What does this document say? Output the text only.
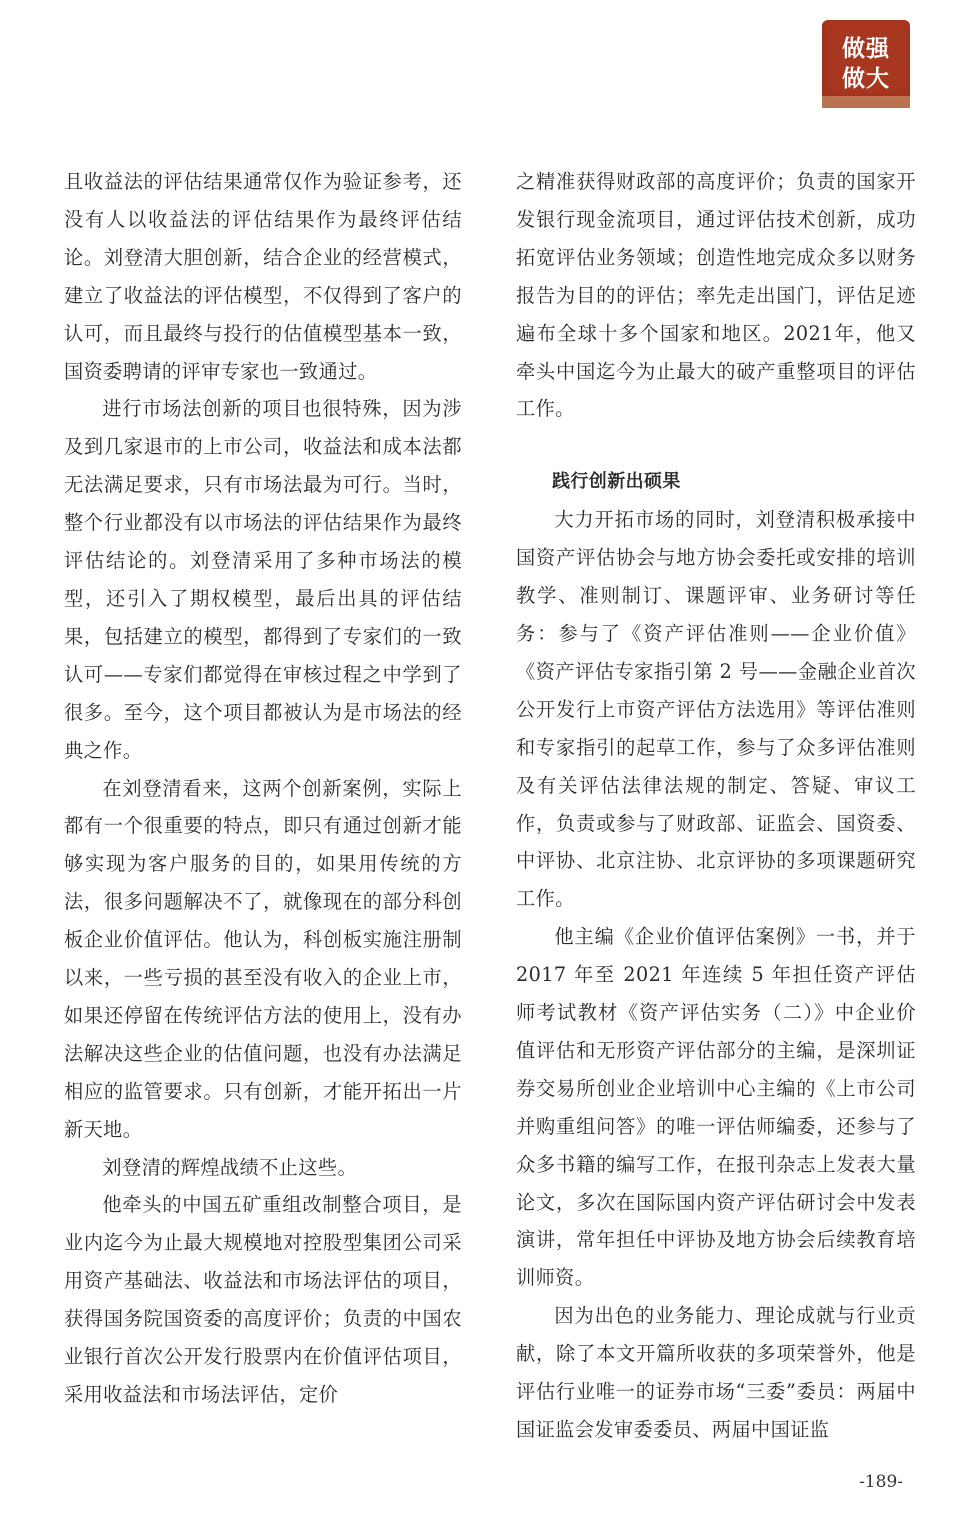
做强
做大

且收益法的评估结果通常仅作为验证参考，还没有人以收益法的评估结果作为最终评估结论。刘登清大胆创新，结合企业的经营模式，建立了收益法的评估模型，不仅得到了客户的认可，而且最终与投行的估值模型基本一致，国资委聘请的评审专家也一致通过。

进行市场法创新的项目也很特殊，因为涉及到几家退市的上市公司，收益法和成本法都无法满足要求，只有市场法最为可行。当时，整个行业都没有以市场法的评估结果作为最终评估结论的。刘登清采用了多种市场法的模型，还引入了期权模型，最后出具的评估结果，包括建立的模型，都得到了专家们的一致认可——专家们都觉得在审核过程之中学到了很多。至今，这个项目都被认为是市场法的经典之作。

在刘登清看来，这两个创新案例，实际上都有一个很重要的特点，即只有通过创新才能够实现为客户服务的目的，如果用传统的方法，很多问题解决不了，就像现在的部分科创板企业价值评估。他认为，科创板实施注册制以来，一些亏损的甚至没有收入的企业上市，如果还停留在传统评估方法的使用上，没有办法解决这些企业的估值问题，也没有办法满足相应的监管要求。只有创新，才能开拓出一片新天地。

刘登清的辉煌战绩不止这些。

他牵头的中国五矿重组改制整合项目，是业内迄今为止最大规模地对控股型集团公司采用资产基础法、收益法和市场法评估的项目，获得国务院国资委的高度评价；负责的中国农业银行首次公开发行股票内在价值评估项目，采用收益法和市场法评估，定价

之精准获得财政部的高度评价；负责的国家开发银行现金流项目，通过评估技术创新，成功拓宽评估业务领域；创造性地完成众多以财务报告为目的的评估；率先走出国门，评估足迹遍布全球十多个国家和地区。2021年，他又牵头中国迄今为止最大的破产重整项目的评估工作。

践行创新出硕果

大力开拓市场的同时，刘登清积极承接中国资产评估协会与地方协会委托或安排的培训教学、准则制订、课题评审、业务研讨等任务：参与了《资产评估准则——企业价值》《资产评估专家指引第 2 号——金融企业首次公开发行上市资产评估方法选用》等评估准则和专家指引的起草工作，参与了众多评估准则及有关评估法律法规的制定、答疑、审议工作，负责或参与了财政部、证监会、国资委、中评协、北京注协、北京评协的多项课题研究工作。

他主编《企业价值评估案例》一书，并于 2017 年至 2021 年连续 5 年担任资产评估师考试教材《资产评估实务（二）》中企业价值评估和无形资产评估部分的主编，是深圳证券交易所创业企业培训中心主编的《上市公司并购重组问答》的唯一评估师编委，还参与了众多书籍的编写工作，在报刊杂志上发表大量论文，多次在国际国内资产评估研讨会中发表演讲，常年担任中评协及地方协会后续教育培训师资。

因为出色的业务能力、理论成就与行业贡献，除了本文开篇所收获的多项荣誉外，他是评估行业唯一的证券市场“三委”委员：两届中国证监会发审委委员、两届中国证监

-189-
